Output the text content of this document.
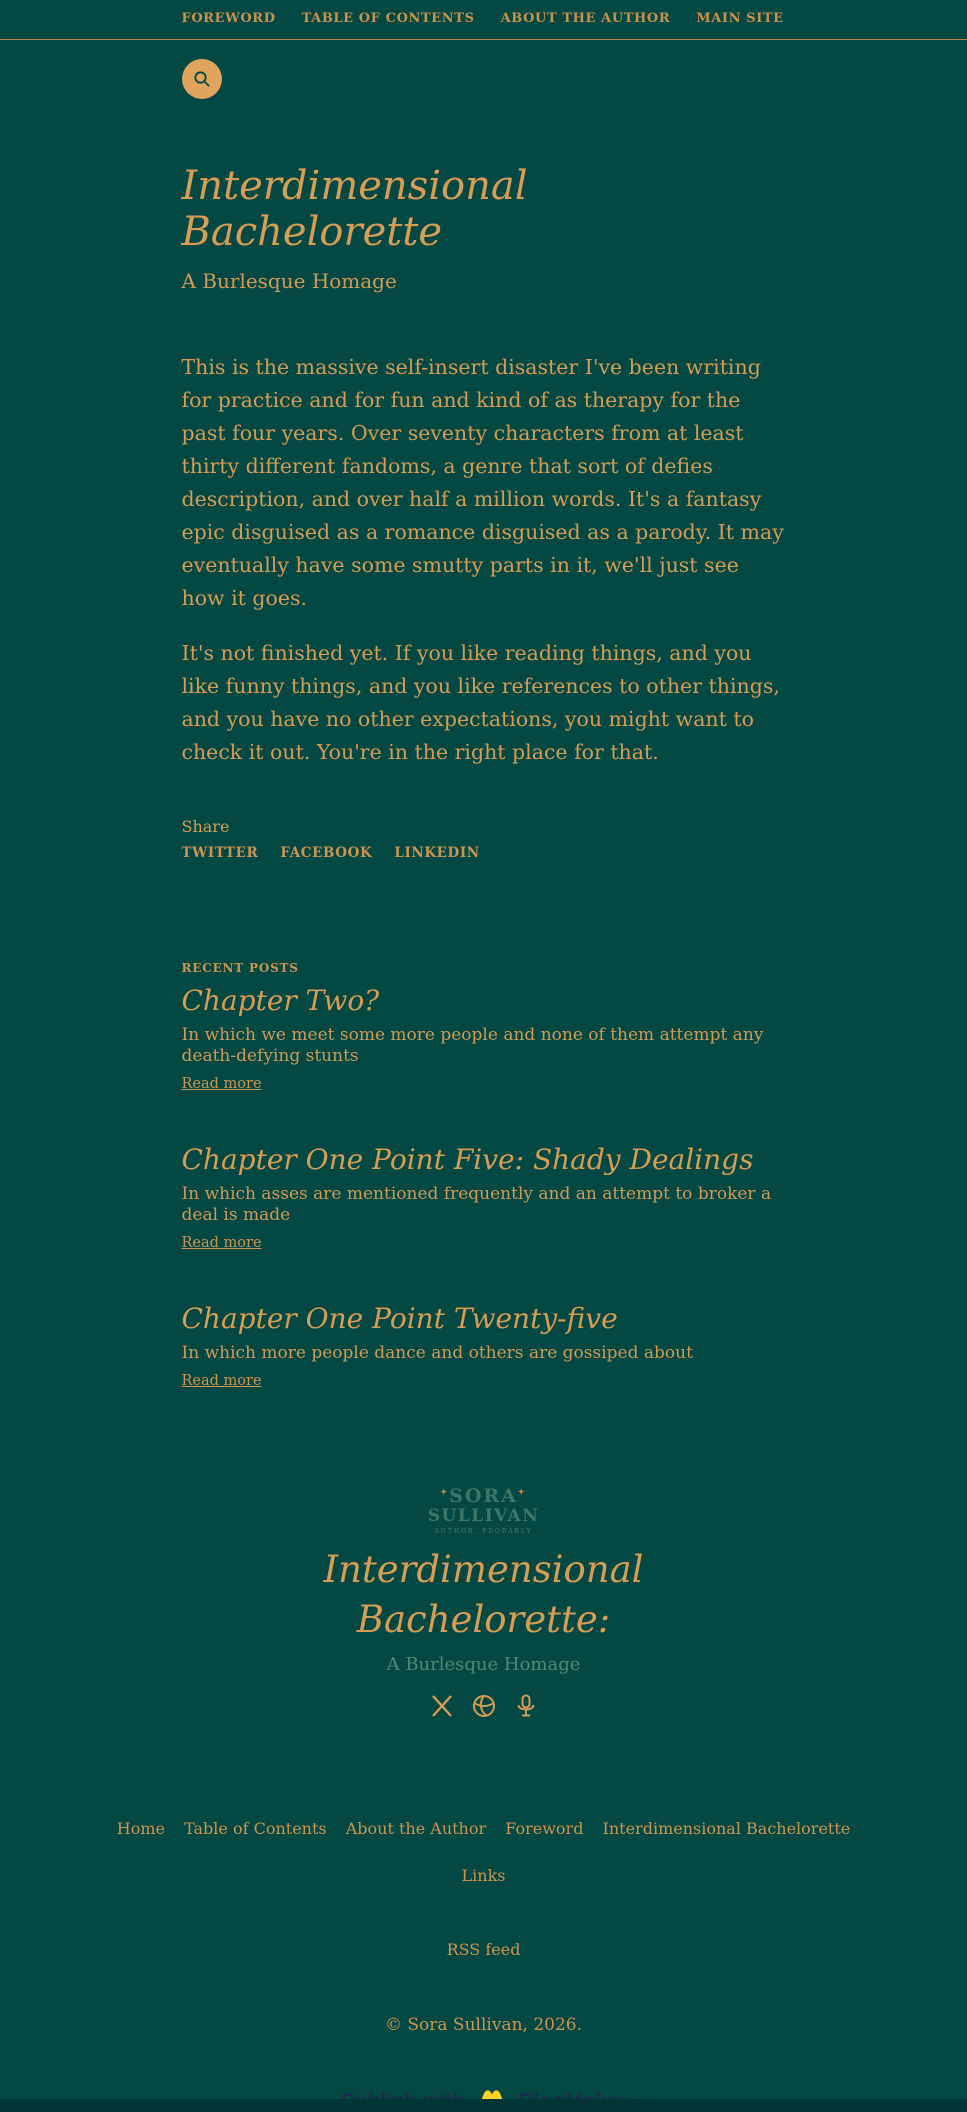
FOREWORD TABLE OF CONTENTS ABOUT THE AUTHOR MAIN SITE
Interdimensional Bachelorette
A Burlesque Homage

This is the massive self-insert disaster I've been writing for practice and for fun and kind of as therapy for the past four years. Over seventy characters from at least thirty different fandoms, a genre that sort of defies description, and over half a million words. It's a fantasy epic disguised as a romance disguised as a parody. It may eventually have some smutty parts in it, we'll just see how it goes.

It's not finished yet. If you like reading things, and you like funny things, and you like references to other things, and you have no other expectations, you might want to check it out. You're in the right place for that.

Share
TWITTER FACEBOOK LINKEDIN
RECENT POSTS
Chapter Two?

In which we meet some more people and none of them attempt any death-defying stunts

Read more
Chapter One Point Five: Shady Dealings

In which asses are mentioned frequently and an attempt to broker a deal is made

Read more
Chapter One Point Twenty-five

In which more people dance and others are gossiped about

Read more
✦SORA✦
SULLIVAN
AUTHOR, PROBABLY
Interdimensional Bachelorette:
A Burlesque Homage
Home Table of Contents About the Author Foreword Interdimensional Bachelorette
Links
RSS feed
© Sora Sullivan, 2026.
